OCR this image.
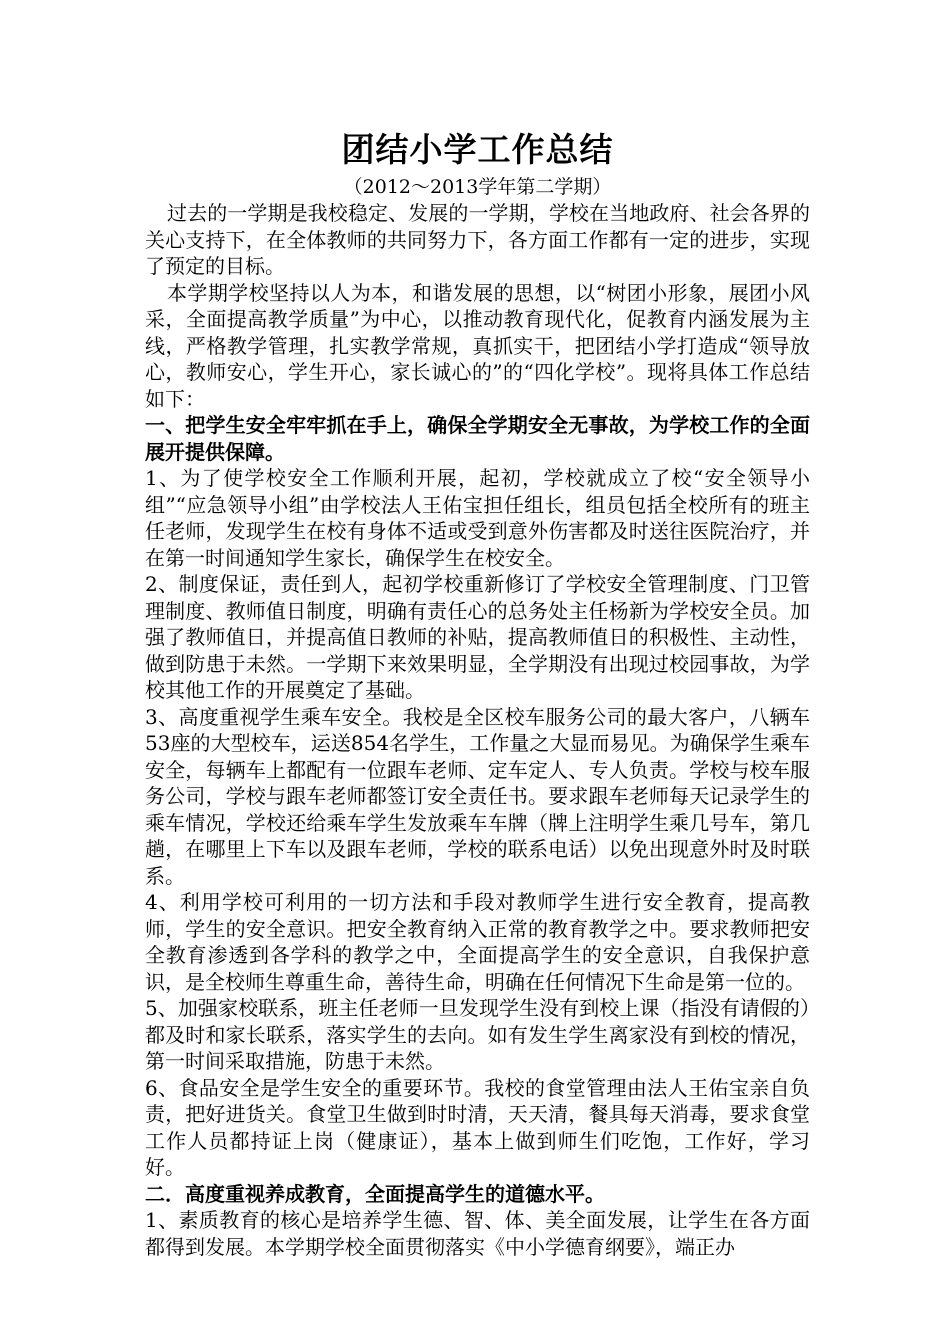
团结小学工作总结
（2012～2013学年第二学期）

过去的一学期是我校稳定、发展的一学期，学校在当地政府、社会各界的关心支持下，在全体教师的共同努力下，各方面工作都有一定的进步，实现了预定的目标。

本学期学校坚持以人为本，和谐发展的思想，以“树团小形象，展团小风采，全面提高教学质量”为中心，以推动教育现代化，促教育内涵发展为主线，严格教学管理，扎实教学常规，真抓实干，把团结小学打造成“领导放心，教师安心，学生开心，家长诚心的”的“四化学校”。现将具体工作总结如下：

一、把学生安全牢牢抓在手上，确保全学期安全无事故，为学校工作的全面展开提供保障。

1、为了使学校安全工作顺利开展，起初，学校就成立了校“安全领导小组”“应急领导小组”由学校法人王佑宝担任组长，组员包括全校所有的班主任老师，发现学生在校有身体不适或受到意外伤害都及时送往医院治疗，并在第一时间通知学生家长，确保学生在校安全。

2、制度保证，责任到人，起初学校重新修订了学校安全管理制度、门卫管理制度、教师值日制度，明确有责任心的总务处主任杨新为学校安全员。加强了教师值日，并提高值日教师的补贴，提高教师值日的积极性、主动性，做到防患于未然。一学期下来效果明显，全学期没有出现过校园事故，为学校其他工作的开展奠定了基础。

3、高度重视学生乘车安全。我校是全区校车服务公司的最大客户，八辆车53座的大型校车，运送854名学生，工作量之大显而易见。为确保学生乘车安全，每辆车上都配有一位跟车老师、定车定人、专人负责。学校与校车服务公司，学校与跟车老师都签订安全责任书。要求跟车老师每天记录学生的乘车情况，学校还给乘车学生发放乘车车牌（牌上注明学生乘几号车，第几趟，在哪里上下车以及跟车老师，学校的联系电话）以免出现意外时及时联系。

4、利用学校可利用的一切方法和手段对教师学生进行安全教育，提高教师，学生的安全意识。把安全教育纳入正常的教育教学之中。要求教师把安全教育渗透到各学科的教学之中，全面提高学生的安全意识，自我保护意识，是全校师生尊重生命，善待生命，明确在任何情况下生命是第一位的。

5、加强家校联系，班主任老师一旦发现学生没有到校上课（指没有请假的）都及时和家长联系，落实学生的去向。如有发生学生离家没有到校的情况，第一时间采取措施，防患于未然。

6、食品安全是学生安全的重要环节。我校的食堂管理由法人王佑宝亲自负责，把好进货关。食堂卫生做到时时清，天天清，餐具每天消毒，要求食堂工作人员都持证上岗（健康证），基本上做到师生们吃饱，工作好，学习好。

二．高度重视养成教育，全面提高学生的道德水平。

1、素质教育的核心是培养学生德、智、体、美全面发展，让学生在各方面都得到发展。本学期学校全面贯彻落实《中小学德育纲要》，端正办
